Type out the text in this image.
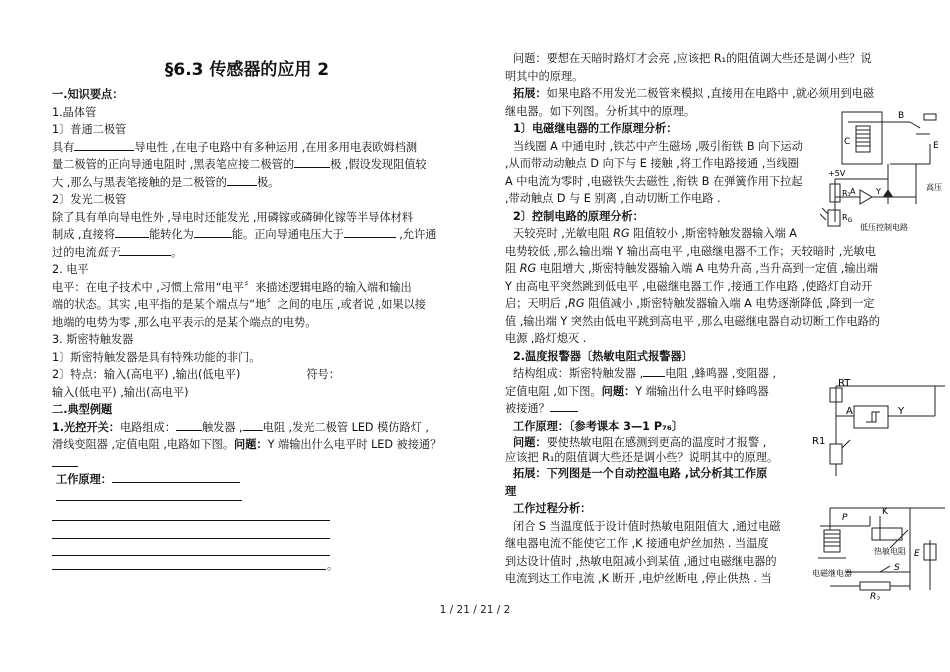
§6.3 传感器的应用 2
一.知识要点：
1.晶体管
1〕普通二极管
具有	导电性 ,在电子电路中有多种运用 ,在用多用电表欧姆档测
量二极管的正向导通电阻时 ,黑表笔应接二极管的	极 ,假设发现阻值较
大 ,那么与黑表笔接触的是二极管的	极。
2〕发光二极管
除了具有单向导电性外 ,导电时还能发光 ,用磷镓或磷砷化镓等半导体材料
制成 ,直接将	能转化为	能。正向导通电压大于	,允许通
过的电流低于	。
2. 电平
电平：在电子技术中 ,习惯上常用“电平〞来描述逻辑电路的输入端和输出
端的状态。其实 ,电平指的是某个端点与“地〞之间的电压 ,或者说 ,如果以接
地端的电势为零 ,那么电平表示的是某个端点的电势。
3. 斯密特触发器
1〕斯密特触发器是具有特殊功能的非门。
2〕特点：输入(高电平) ,输出(低电平)	符号：
输入(低电平) ,输出(高电平)
二.典型例题
1.光控开关：电路组成： 触发器 , 电阻 ,发光二极管 LED 模仿路灯 ,
滑线变阻器 ,定值电阻 ,电路如下图。问题：Y 端输出什么电平时 LED 被接通？
工作原理：
。
问题：要想在天暗时路灯才会亮 ,应该把 R₁的阻值调大些还是调小些？说
明其中的原理。
拓展：如果电路不用发光二极管来模拟 ,直接用在电路中 ,就必须用到电磁
继电器。如下列图。分析其中的原理。
1〕电磁继电器的工作原理分析：
当线圈 A 中通电时 ,铁芯中产生磁场 ,吸引衔铁 B 向下运动
,从而带动动触点 D 向下与 E 接触 ,将工作电路接通 ,当线圈
A 中电流为零时 ,电磁铁失去磁性 ,衔铁 B 在弹簧作用下拉起
,带动触点 D 与 E 别离 ,自动切断工作电路 .
2〕控制电路的原理分析：
天较亮时 ,光敏电阻 RG 阻值较小 ,斯密特触发器输入端 A
电势较低 ,那么输出端 Y 输出高电平 ,电磁继电器不工作；天较暗时 ,光敏电
阻 RG 电阻增大 ,斯密特触发器输入端 A 电势升高 ,当升高到一定值 ,输出端
Y 由高电平突然跳到低电平 ,电磁继电器工作 ,接通工作电路 ,使路灯自动开
启；天明后 ,RG 阻值减小 ,斯密特触发器输入端 A 电势逐渐降低 ,降到一定
值 ,输出端 Y 突然由低电平跳到高电平 ,那么电磁继电器自动切断工作电路的
电源 ,路灯熄灭 .
2.温度报警器〔热敏电阻式报警器〕
结构组成：斯密特触发器 , 电阻 ,蜂鸣器 ,变阻器 ,
定值电阻 ,如下图。问题：Y 端输出什么电平时蜂鸣器
被接通？
工作原理：〔参考课本 3—1 P₇₆〕
问题：要使热敏电阻在感测到更高的温度时才报警 ,
应该把 R₁的阻值调大些还是调小些？说明其中的原理。
拓展：下列图是一个自动控温电路 ,试分析其工作原
理
工作过程分析：
闭合 S 当温度低于设计值时热敏电阻阻值大 ,通过电磁
继电器电流不能使它工作 ,K 接通电炉丝加热 . 当温度
到达设计值时 ,热敏电阻减小到某值 ,通过电磁继电器的
电流到达工作电流 ,K 断开 ,电炉丝断电 ,停止供热 . 当
B
C	E
+5V
R₁ A	Y
$R_G$
高压
低压控制电路
RT
A	Y
R1
P
K
热敏电阻
电磁继电器
S
E
$R_2$
1 / 21 / 21 / 2
